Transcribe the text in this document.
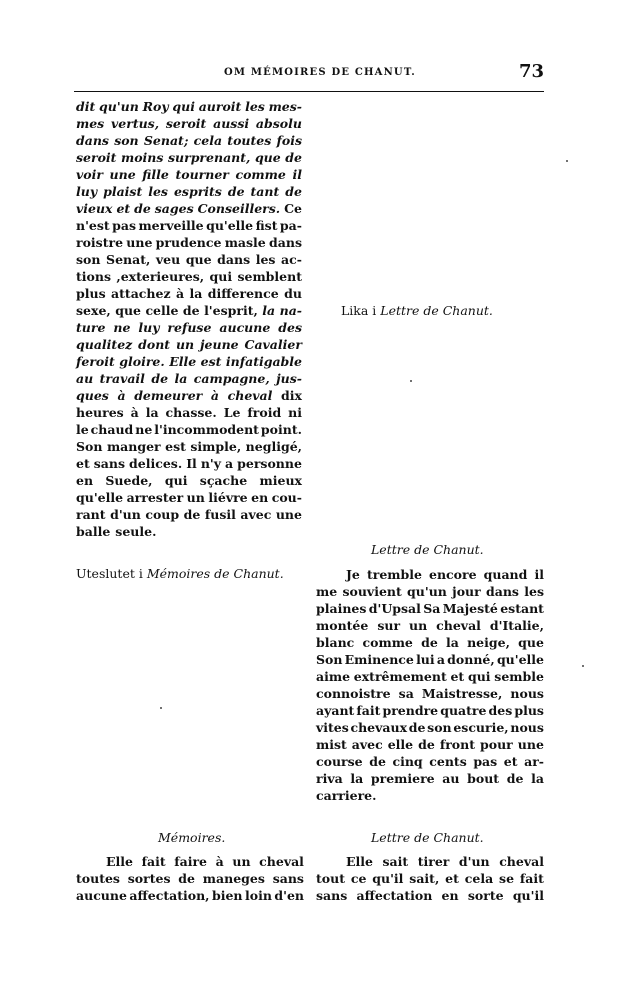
OM MÉMOIRES DE CHANUT.	73
dit qu'un Roy qui auroit les mes-
mes vertus, seroit aussi absolu
dans son Senat; cela toutes fois
seroit moins surprenant, que de
voir une fille tourner comme il
luy plaist les esprits de tant de
vieux et de sages Conseillers. Ce
n'est pas merveille qu'elle fist pa-
roistre une prudence masle dans
son Senat, veu que dans les ac-
tions ,exterieures, qui semblent
plus attachez à la difference du
sexe, que celle de l'esprit, la na-
ture ne luy refuse aucune des
qualitez dont un jeune Cavalier
feroit gloire. Elle est infatigable
au travail de la campagne, jus-
ques à demeurer à cheval dix
heures à la chasse. Le froid ni
le chaud ne l'incommodent point.
Son manger est simple, negligé,
et sans delices. Il n'y a personne
en Suede, qui sçache mieux
qu'elle arrester un liévre en cou-
rant d'un coup de fusil avec une
balle seule.
Lika i Lettre de Chanut.
Lettre de Chanut.
Uteslutet i Mémoires de Chanut.	Je tremble encore quand il
me souvient qu'un jour dans les
plaines d'Upsal Sa Majesté estant
montée sur un cheval d'Italie,
blanc comme de la neige, que
Son Eminence lui a donné, qu'elle
aime extrêmement et qui semble
connoistre sa Maistresse, nous
ayant fait prendre quatre des plus
vites chevaux de son escurie, nous
mist avec elle de front pour une
course de cinq cents pas et ar-
riva la premiere au bout de la
carriere.
Mémoires.	Lettre de Chanut.
Elle fait faire à un cheval
toutes sortes de maneges sans
aucune affectation, bien loin d'en
Elle sait tirer d'un cheval
tout ce qu'il sait, et cela se fait
sans affectation en sorte qu'il
